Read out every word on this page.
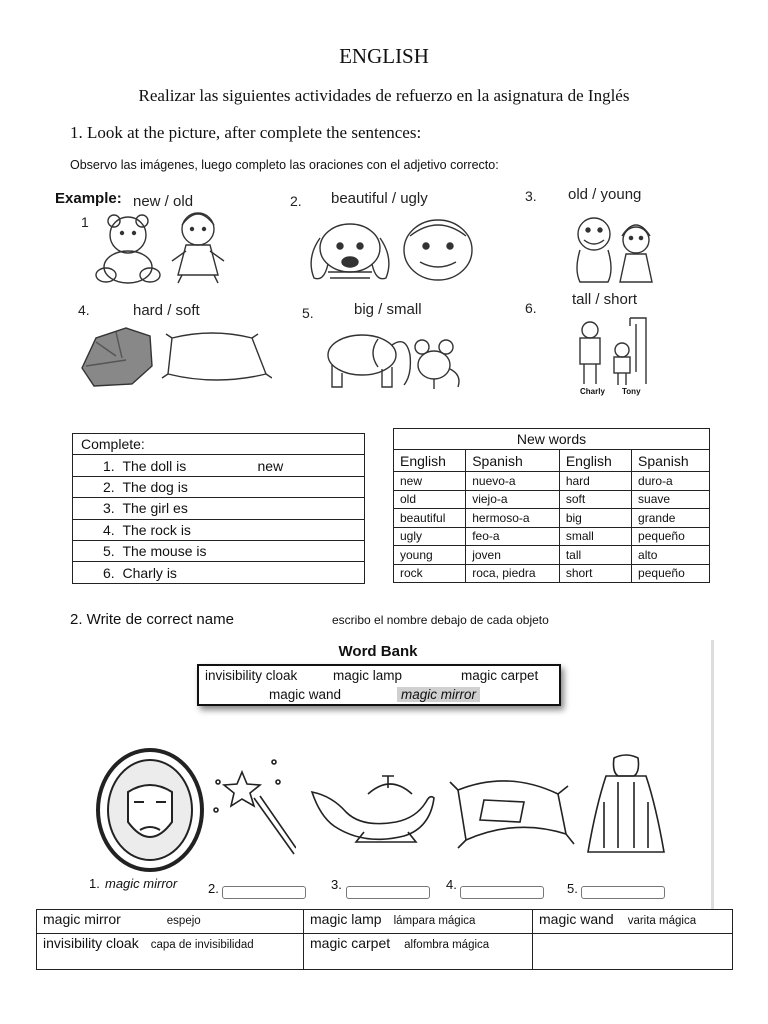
ENGLISH
Realizar las siguientes actividades de refuerzo en la asignatura de Inglés
1. Look at the picture, after complete the sentences:
Observo las imágenes, luego completo las oraciones con el adjetivo correcto:
Example: new / old
1
2. beautiful / ugly	3. old / young
4.	hard / soft	5.	big / small	6. tall / short
Charly Tony
Complete:
1. The doll is	new

2. The dog is
3. The girl es
4. The rock is
5. The mouse is
6. Charly is
New words			
English	Spanish	English	Spanish
new	nuevo-a	hard	duro-a
old	viejo-a	soft	suave
beautiful	hermoso-a	big	grande
ugly	feo-a	small	pequeño
young	joven	tall	alto
rock	roca, piedra	short	pequeño
2. Write de correct name	escribo el nombre debajo de cada objeto
Word Bank
invisibility cloak	magic lamp	magic carpet
magic wand	magic mirror
1. magic mirror 2.	3.	4.	5.
magic mirror espejo	magic lamp lámpara mágica	magic wand varita mágica
invisibility cloak capa de invisibilidad	magic carpet alfombra mágica	
